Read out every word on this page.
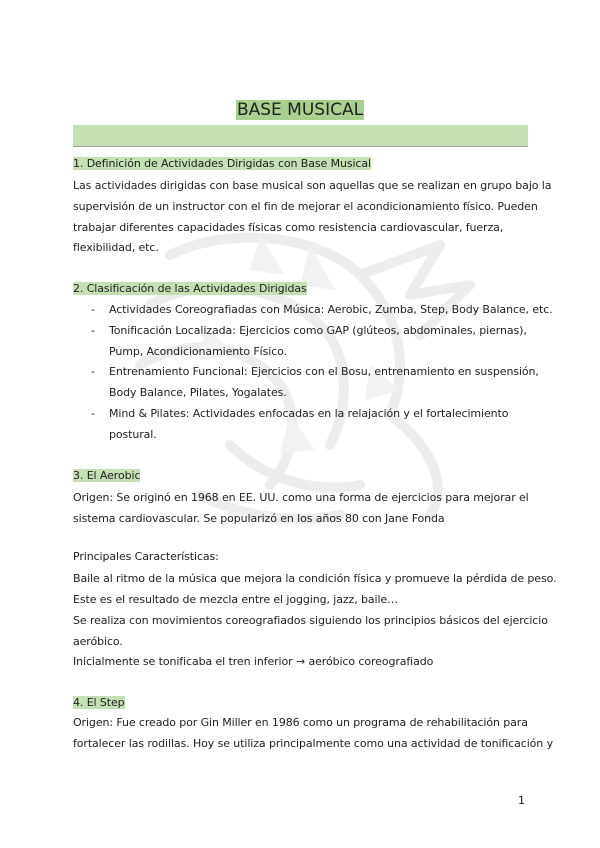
BASE MUSICAL
1. Definición de Actividades Dirigidas con Base Musical
Las actividades dirigidas con base musical son aquellas que se realizan en grupo bajo la
supervisión de un instructor con el fin de mejorar el acondicionamiento físico. Pueden
trabajar diferentes capacidades físicas como resistencia cardiovascular, fuerza,
flexibilidad, etc.
2. Clasificación de las Actividades Dirigidas
- Actividades Coreografiadas con Música: Aerobic, Zumba, Step, Body Balance, etc.
- Tonificación Localizada: Ejercicios como GAP (glúteos, abdominales, piernas),
Pump, Acondicionamiento Físico.
- Entrenamiento Funcional: Ejercicios con el Bosu, entrenamiento en suspensión,
Body Balance, Pilates, Yogalates.
- Mind & Pilates: Actividades enfocadas en la relajación y el fortalecimiento
postural.
3. El Aerobic
Origen: Se originó en 1968 en EE. UU. como una forma de ejercicios para mejorar el
sistema cardiovascular. Se popularizó en los años 80 con Jane Fonda
Principales Características:
Baile al ritmo de la música que mejora la condición física y promueve la pérdida de peso.
Este es el resultado de mezcla entre el jogging, jazz, baile…
Se realiza con movimientos coreografiados siguiendo los principios básicos del ejercicio
aeróbico.
Inicialmente se tonificaba el tren inferior → aeróbico coreografiado
4. El Step
Origen: Fue creado por Gin Miller en 1986 como un programa de rehabilitación para
fortalecer las rodillas. Hoy se utiliza principalmente como una actividad de tonificación y
1
